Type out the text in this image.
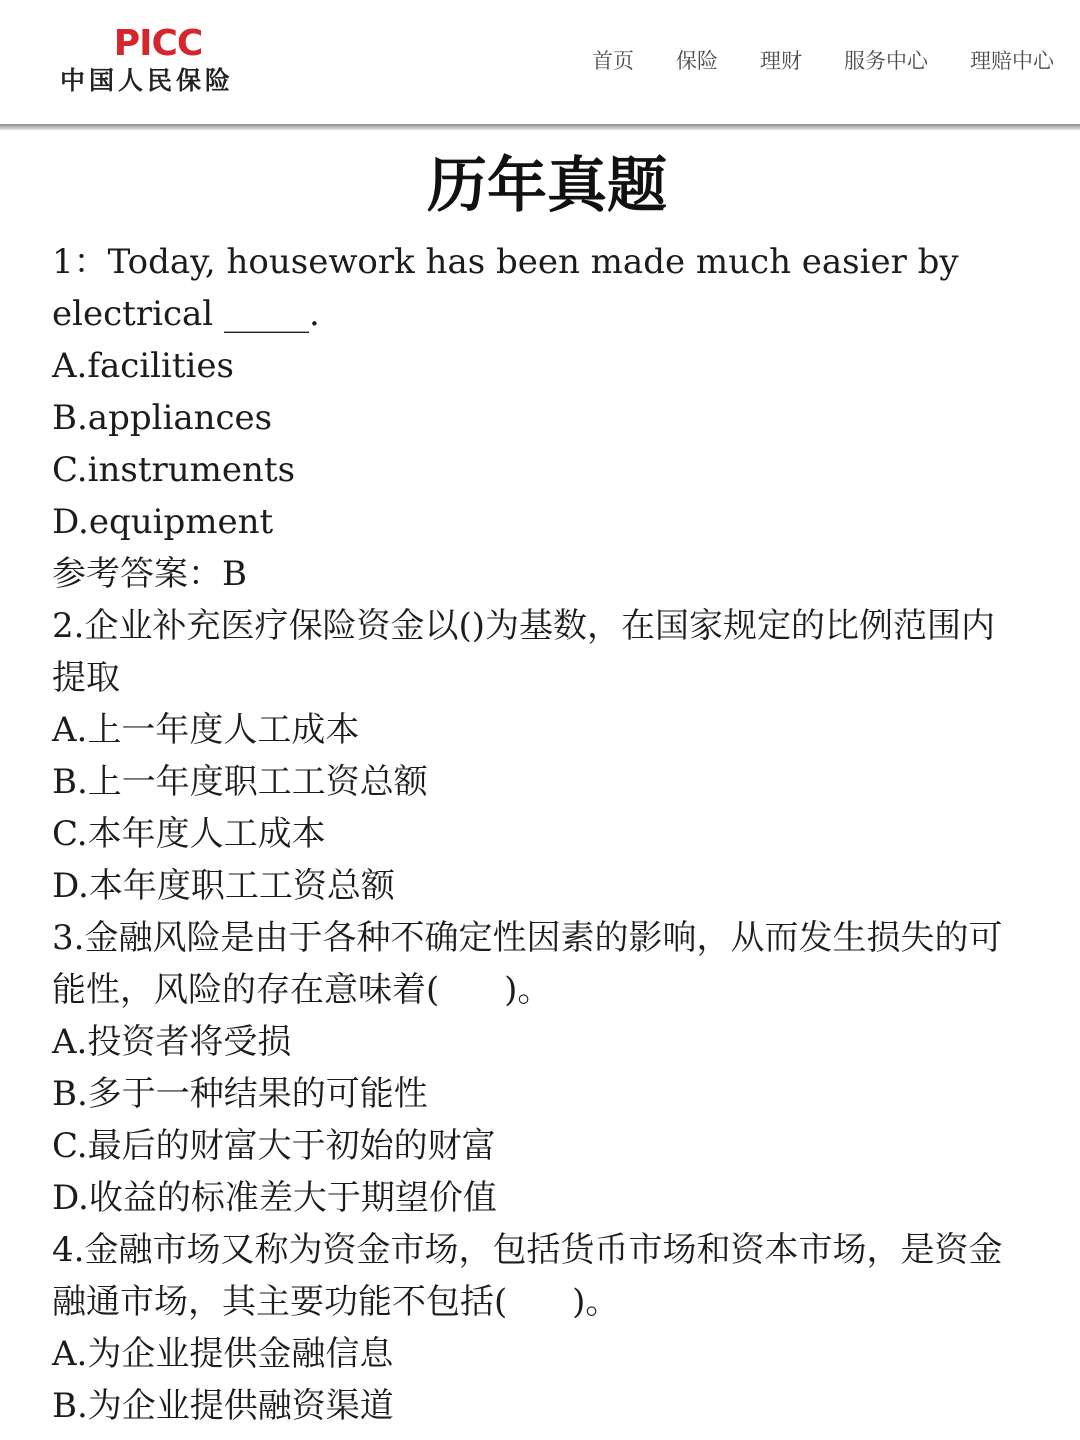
PICC
中国人民保险
首页 保险 理财 服务中心 理赔中心
历年真题

1：Today, housework has been made much easier by

electrical _____.

A.facilities

B.appliances

C.instruments

D.equipment

参考答案：B

2.企业补充医疗保险资金以()为基数，在国家规定的比例范围内

提取

A.上一年度人工成本

B.上一年度职工工资总额

C.本年度人工成本

D.本年度职工工资总额

3.金融风险是由于各种不确定性因素的影响，从而发生损失的可

能性，风险的存在意味着(      )。

A.投资者将受损

B.多于一种结果的可能性

C.最后的财富大于初始的财富

D.收益的标准差大于期望价值

4.金融市场又称为资金市场，包括货币市场和资本市场，是资金

融通市场，其主要功能不包括(      )。

A.为企业提供金融信息

B.为企业提供融资渠道
